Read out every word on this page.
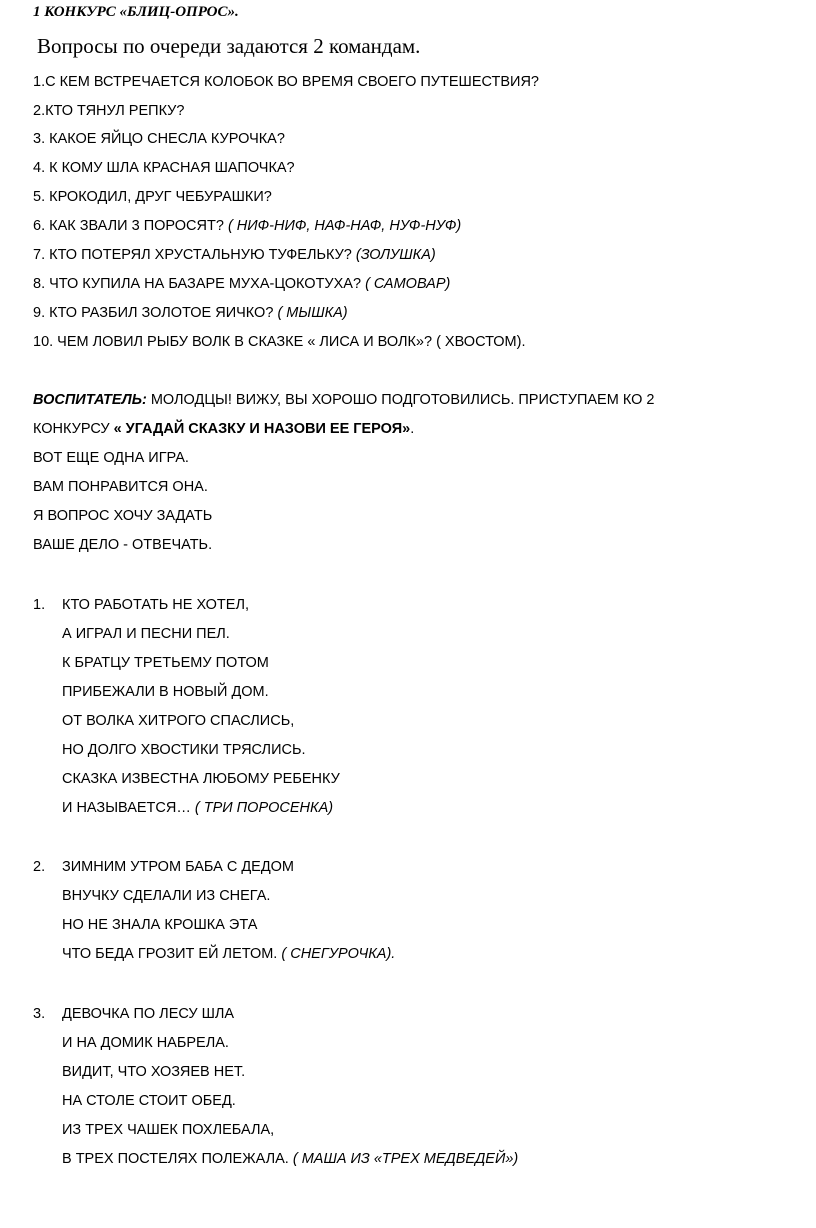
1 КОНКУРС «БЛИЦ-ОПРОС».
Вопросы по очереди задаются 2 командам.
1.С КЕМ ВСТРЕЧАЕТСЯ КОЛОБОК ВО ВРЕМЯ СВОЕГО ПУТЕШЕСТВИЯ?
2.КТО ТЯНУЛ РЕПКУ?
3. КАКОЕ ЯЙЦО СНЕСЛА КУРОЧКА?
4. К КОМУ ШЛА КРАСНАЯ ШАПОЧКА?
5. КРОКОДИЛ, ДРУГ ЧЕБУРАШКИ?
6. КАК ЗВАЛИ 3 ПОРОСЯТ? ( НИФ-НИФ, НАФ-НАФ, НУФ-НУФ)
7. КТО ПОТЕРЯЛ ХРУСТАЛЬНУЮ ТУФЕЛЬКУ? (ЗОЛУШКА)
8. ЧТО КУПИЛА НА БАЗАРЕ МУХА-ЦОКОТУХА? ( САМОВАР)
9. КТО РАЗБИЛ ЗОЛОТОЕ ЯИЧКО? ( МЫШКА)
10. ЧЕМ ЛОВИЛ РЫБУ ВОЛК В СКАЗКЕ « ЛИСА И ВОЛК»? ( ХВОСТОМ).
ВОСПИТАТЕЛЬ: МОЛОДЦЫ! ВИЖУ, ВЫ ХОРОШО ПОДГОТОВИЛИСЬ. ПРИСТУПАЕМ КО 2
КОНКУРСУ « УГАДАЙ СКАЗКУ И НАЗОВИ ЕЕ ГЕРОЯ».
ВОТ ЕЩЕ ОДНА ИГРА.
ВАМ ПОНРАВИТСЯ ОНА.
Я ВОПРОС ХОЧУ ЗАДАТЬ
ВАШЕ ДЕЛО - ОТВЕЧАТЬ.
1. КТО РАБОТАТЬ НЕ ХОТЕЛ,
А ИГРАЛ И ПЕСНИ ПЕЛ.
К БРАТЦУ ТРЕТЬЕМУ ПОТОМ
ПРИБЕЖАЛИ В НОВЫЙ ДОМ.
ОТ ВОЛКА ХИТРОГО СПАСЛИСЬ,
НО ДОЛГО ХВОСТИКИ ТРЯСЛИСЬ.
СКАЗКА ИЗВЕСТНА ЛЮБОМУ РЕБЕНКУ
И НАЗЫВАЕТСЯ… ( ТРИ ПОРОСЕНКА)
2. ЗИМНИМ УТРОМ БАБА С ДЕДОМ
ВНУЧКУ СДЕЛАЛИ ИЗ СНЕГА.
НО НЕ ЗНАЛА КРОШКА ЭТА
ЧТО БЕДА ГРОЗИТ ЕЙ ЛЕТОМ. ( СНЕГУРОЧКА).
3. ДЕВОЧКА ПО ЛЕСУ ШЛА
И НА ДОМИК НАБРЕЛА.
ВИДИТ, ЧТО ХОЗЯЕВ НЕТ.
НА СТОЛЕ СТОИТ ОБЕД.
ИЗ ТРЕХ ЧАШЕК ПОХЛЕБАЛА,
В ТРЕХ ПОСТЕЛЯХ ПОЛЕЖАЛА. ( МАША ИЗ «ТРЕХ МЕДВЕДЕЙ»)
